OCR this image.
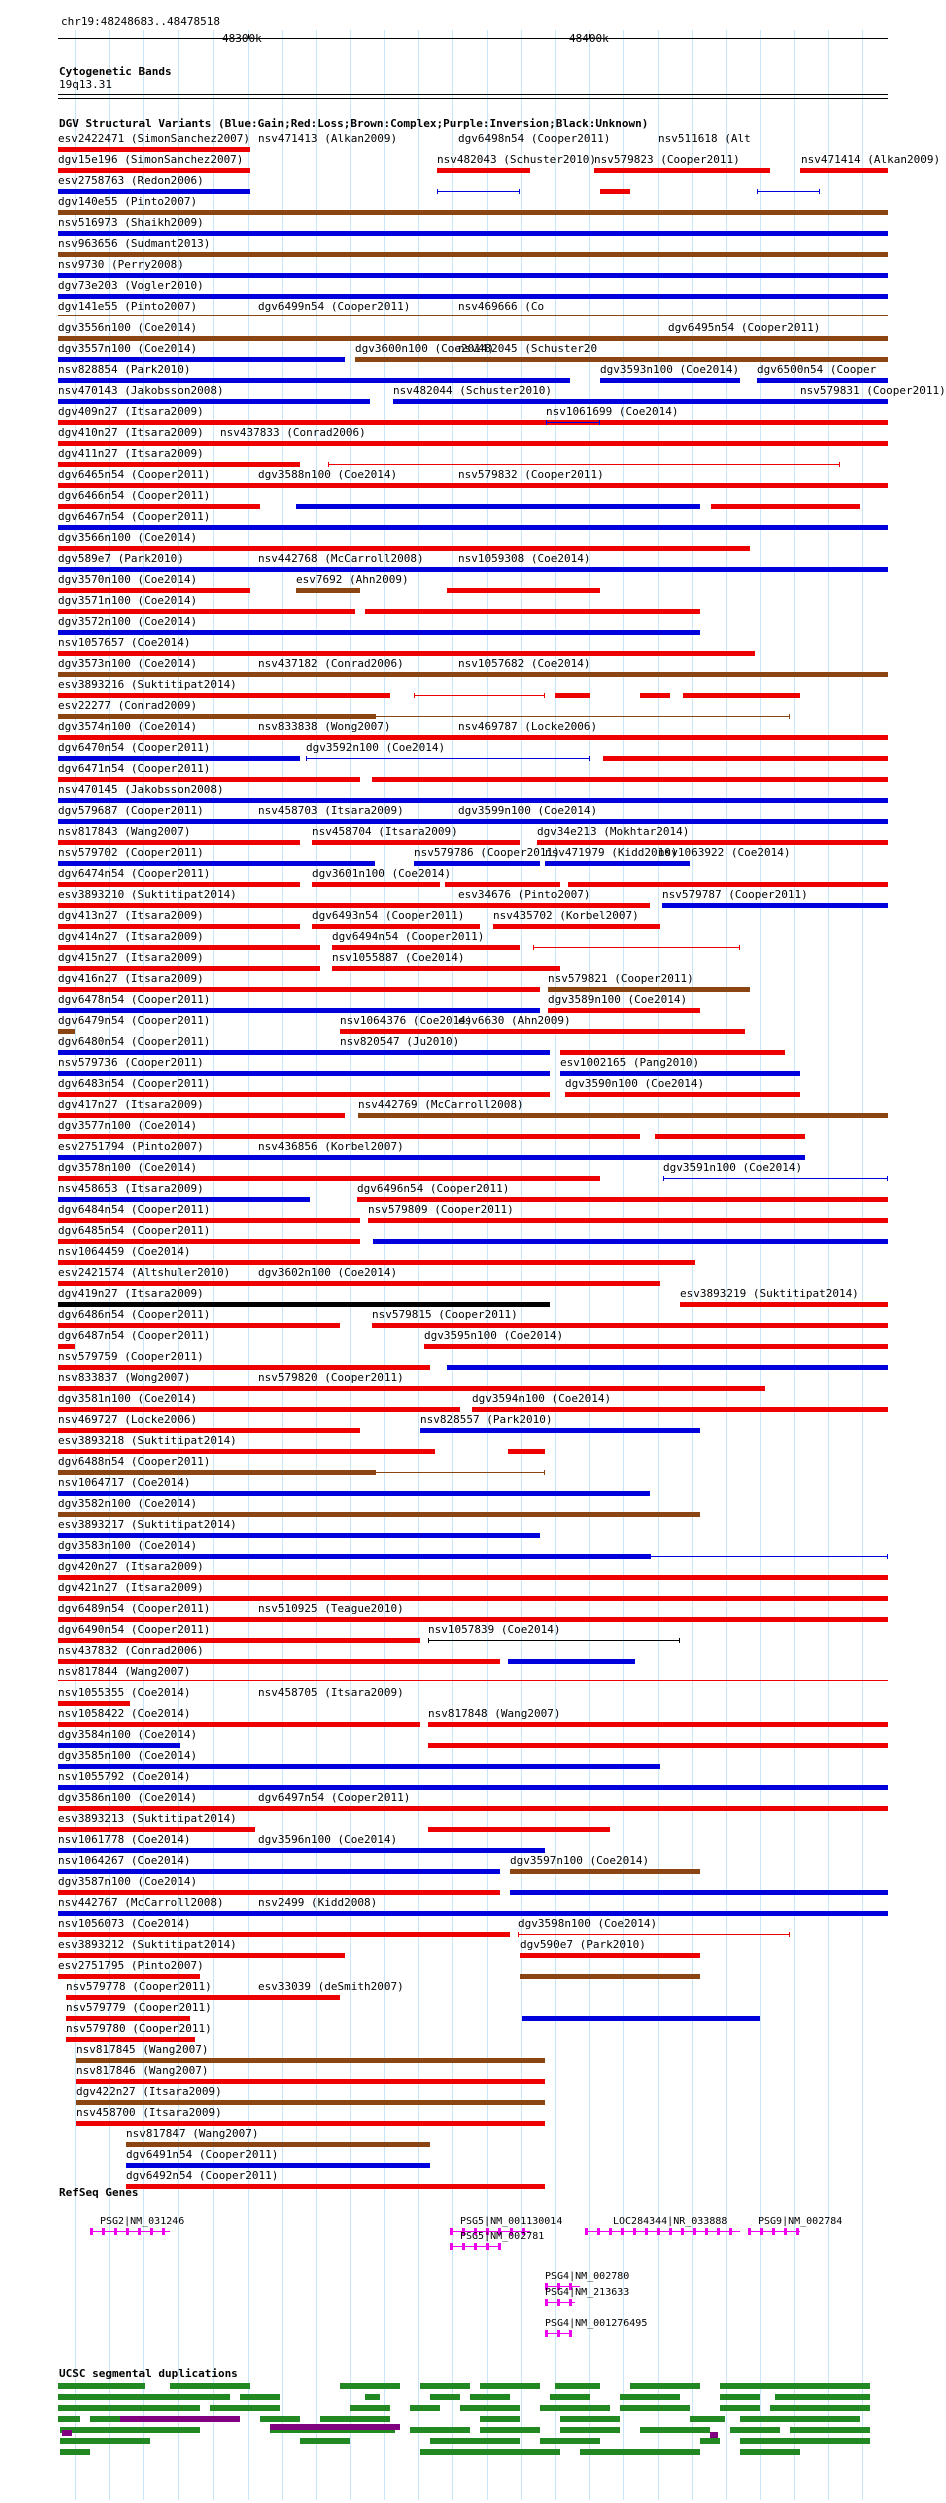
chr19:48248683..48478518
48300k	48400k
Cytogenetic Bands
19q13.31
DGV Structural Variants (Blue:Gain;Red:Loss;Brown:Complex;Purple:Inversion;Black:Unknown)
esv2422471 (SimonSanchez2007) nsv471413 (Alkan2009)	dgv6498n54 (Cooper2011)	nsv511618 (Alt
dgv15e196 (SimonSanchez2007)	nsv482043 (Schuster2010)
nsv579823 (Cooper2011)	nsv471414 (Alkan2009)
esv2758763 (Redon2006)
dgv140e55 (Pinto2007)
nsv516973 (Shaikh2009)
nsv963656 (Sudmant2013)
nsv9730 (Perry2008)
dgv73e203 (Vogler2010)
dgv141e55 (Pinto2007)	dgv6499n54 (Cooper2011)	nsv469666 (Co
dgv3556n100 (Coe2014)	dgv6495n54 (Cooper2011)
dgv3557n100 (Coe2014)	dgv3600n100 (Coe2014)
nsv482045 (Schuster20
nsv828854 (Park2010)	dgv3593n100 (Coe2014) dgv6500n54 (Cooper
nsv470143 (Jakobsson2008)	nsv482044 (Schuster2010)	nsv579831 (Cooper2011)
dgv409n27 (Itsara2009)	nsv1061699 (Coe2014)
dgv410n27 (Itsara2009) nsv437833 (Conrad2006)
dgv411n27 (Itsara2009)
dgv6465n54 (Cooper2011)	dgv3588n100 (Coe2014)	nsv579832 (Cooper2011)
dgv6466n54 (Cooper2011)
dgv6467n54 (Cooper2011)
dgv3566n100 (Coe2014)
dgv589e7 (Park2010)	nsv442768 (McCarroll2008)	nsv1059308 (Coe2014)
dgv3570n100 (Coe2014)	esv7692 (Ahn2009)
dgv3571n100 (Coe2014)
dgv3572n100 (Coe2014)
nsv1057657 (Coe2014)
dgv3573n100 (Coe2014)	nsv437182 (Conrad2006)	nsv1057682 (Coe2014)
esv3893216 (Suktitipat2014)
esv22277 (Conrad2009)
dgv3574n100 (Coe2014)	nsv833838 (Wong2007)	nsv469787 (Locke2006)
dgv6470n54 (Cooper2011)	dgv3592n100 (Coe2014)
dgv6471n54 (Cooper2011)
nsv470145 (Jakobsson2008)
dgv579687 (Cooper2011)	nsv458703 (Itsara2009)	dgv3599n100 (Coe2014)
nsv817843 (Wang2007)	nsv458704 (Itsara2009)	dgv34e213 (Mokhtar2014)
nsv579702 (Cooper2011)	nsv579786 (Cooper2011)
nsv471979 (Kidd2010)
nsv1063922 (Coe2014)
dgv6474n54 (Cooper2011)	dgv3601n100 (Coe2014)
esv3893210 (Suktitipat2014)	nsv579787 (Cooper2011)
esv34676 (Pinto2007)
dgv413n27 (Itsara2009)	dgv6493n54 (Cooper2011)	nsv435702 (Korbel2007)
dgv414n27 (Itsara2009)	dgv6494n54 (Cooper2011)
dgv415n27 (Itsara2009)	nsv1055887 (Coe2014)
dgv416n27 (Itsara2009)	nsv579821 (Cooper2011)
dgv6478n54 (Cooper2011)	dgv3589n100 (Coe2014)
dgv6479n54 (Cooper2011)	nsv1064376 (Coe2014)
esv6630 (Ahn2009)
dgv6480n54 (Cooper2011)	nsv820547 (Ju2010)
nsv579736 (Cooper2011)	esv1002165 (Pang2010)
dgv6483n54 (Cooper2011)	dgv3590n100 (Coe2014)
dgv417n27 (Itsara2009)	nsv442769 (McCarroll2008)
dgv3577n100 (Coe2014)
esv2751794 (Pinto2007)	nsv436856 (Korbel2007)
dgv3578n100 (Coe2014)	dgv3591n100 (Coe2014)
nsv458653 (Itsara2009)	dgv6496n54 (Cooper2011)
dgv6484n54 (Cooper2011)	nsv579809 (Cooper2011)
dgv6485n54 (Cooper2011)
nsv1064459 (Coe2014)
esv2421574 (Altshuler2010)	dgv3602n100 (Coe2014)
dgv419n27 (Itsara2009)	esv3893219 (Suktitipat2014)
dgv6486n54 (Cooper2011)	nsv579815 (Cooper2011)
dgv6487n54 (Cooper2011)	dgv3595n100 (Coe2014)
nsv579759 (Cooper2011)
nsv833837 (Wong2007)	nsv579820 (Cooper2011)
dgv3581n100 (Coe2014)	dgv3594n100 (Coe2014)
nsv469727 (Locke2006)	nsv828557 (Park2010)
esv3893218 (Suktitipat2014)
dgv6488n54 (Cooper2011)
nsv1064717 (Coe2014)
dgv3582n100 (Coe2014)
esv3893217 (Suktitipat2014)
dgv3583n100 (Coe2014)
dgv420n27 (Itsara2009)
dgv421n27 (Itsara2009)
dgv6489n54 (Cooper2011)	nsv510925 (Teague2010)
dgv6490n54 (Cooper2011)	nsv1057839 (Coe2014)
nsv437832 (Conrad2006)
nsv817844 (Wang2007)
nsv1055355 (Coe2014)	nsv458705 (Itsara2009)
nsv1058422 (Coe2014)	nsv817848 (Wang2007)
dgv3584n100 (Coe2014)
dgv3585n100 (Coe2014)
nsv1055792 (Coe2014)
dgv3586n100 (Coe2014)	dgv6497n54 (Cooper2011)
esv3893213 (Suktitipat2014)
nsv1061778 (Coe2014)	dgv3596n100 (Coe2014)
nsv1064267 (Coe2014)	dgv3597n100 (Coe2014)
dgv3587n100 (Coe2014)
nsv442767 (McCarroll2008)	nsv2499 (Kidd2008)
nsv1056073 (Coe2014)	dgv3598n100 (Coe2014)
esv3893212 (Suktitipat2014)	dgv590e7 (Park2010)
esv2751795 (Pinto2007)
nsv579778 (Cooper2011)	esv33039 (deSmith2007)
nsv579779 (Cooper2011)
nsv579780 (Cooper2011)
nsv817845 (Wang2007)
nsv817846 (Wang2007)
dgv422n27 (Itsara2009)
nsv458700 (Itsara2009)
nsv817847 (Wang2007)
dgv6491n54 (Cooper2011)
dgv6492n54 (Cooper2011)
RefSeq Genes
PSG2|NM_031246	PSG5|NM_001130014	LOC284344|NR_033888	PSG9|NM_002784
PSG5|NM_002781
PSG4|NM_002780
PSG4|NM_213633
PSG4|NM_001276495
UCSC segmental duplications
